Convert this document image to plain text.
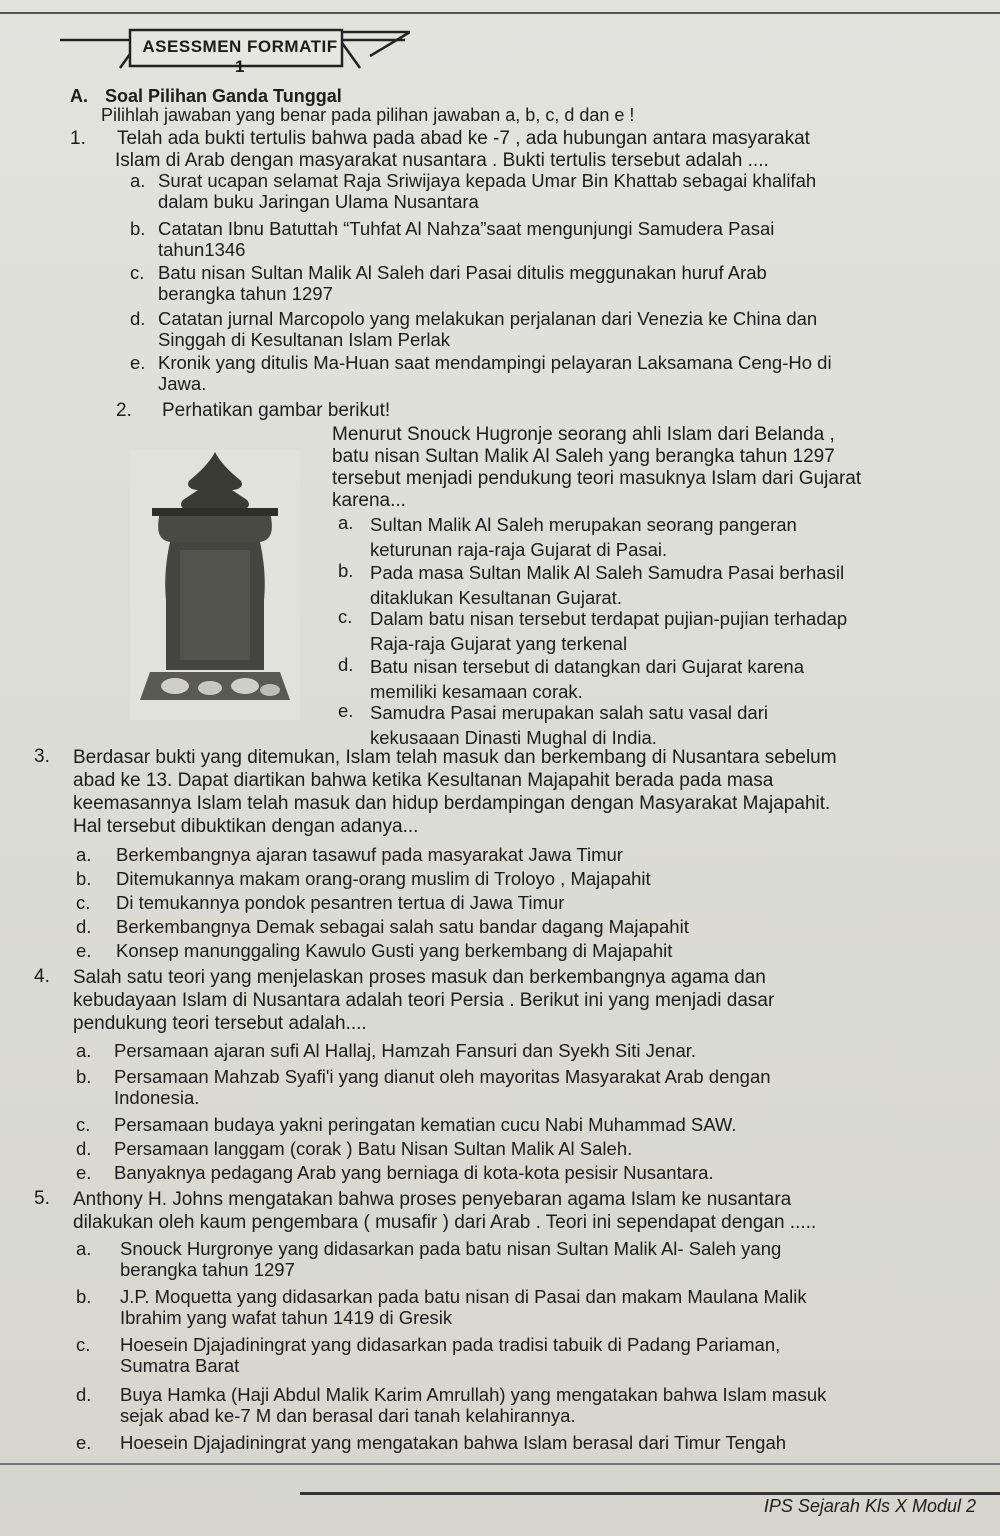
ASESSMEN FORMATIF 1
A. Soal Pilihan Ganda Tunggal
Pilihlah jawaban yang benar pada pilihan jawaban a, b, c, d dan e !
1. Telah ada bukti tertulis bahwa pada abad ke -7 , ada hubungan antara masyarakat
Islam di Arab dengan masyarakat nusantara . Bukti tertulis tersebut adalah ....
a. Surat ucapan selamat Raja Sriwijaya kepada Umar Bin Khattab sebagai khalifah
dalam buku Jaringan Ulama Nusantara
b. Catatan Ibnu Batuttah “Tuhfat Al Nahza”saat mengunjungi Samudera Pasai
tahun1346
c. Batu nisan Sultan Malik Al Saleh dari Pasai ditulis meggunakan huruf Arab
berangka tahun 1297
d. Catatan jurnal Marcopolo yang melakukan perjalanan dari Venezia ke China dan
Singgah di Kesultanan Islam Perlak
e. Kronik yang ditulis Ma-Huan saat mendampingi pelayaran Laksamana Ceng-Ho di
Jawa.
2. Perhatikan gambar berikut!
Menurut Snouck Hugronje seorang ahli Islam dari Belanda ,
batu nisan Sultan Malik Al Saleh yang berangka tahun 1297
tersebut menjadi pendukung teori masuknya Islam dari Gujarat
karena...
a. Sultan Malik Al Saleh merupakan seorang pangeran
keturunan raja-raja Gujarat di Pasai.
b. Pada masa Sultan Malik Al Saleh Samudra Pasai berhasil
ditaklukan Kesultanan Gujarat.
c. Dalam batu nisan tersebut terdapat pujian-pujian terhadap
Raja-raja Gujarat yang terkenal
d. Batu nisan tersebut di datangkan dari Gujarat karena
memiliki kesamaan corak.
e. Samudra Pasai merupakan salah satu vasal dari
kekusaaan Dinasti Mughal di India.
3. Berdasar bukti yang ditemukan, Islam telah masuk dan berkembang di Nusantara sebelum
abad ke 13. Dapat diartikan bahwa ketika Kesultanan Majapahit berada pada masa
keemasannya Islam telah masuk dan hidup berdampingan dengan Masyarakat Majapahit.
Hal tersebut dibuktikan dengan adanya...
a. Berkembangnya ajaran tasawuf pada masyarakat Jawa Timur
b. Ditemukannya makam orang-orang muslim di Troloyo , Majapahit
c. Di temukannya pondok pesantren tertua di Jawa Timur
d. Berkembangnya Demak sebagai salah satu bandar dagang Majapahit
e. Konsep manunggaling Kawulo Gusti yang berkembang di Majapahit
4. Salah satu teori yang menjelaskan proses masuk dan berkembangnya agama dan
kebudayaan Islam di Nusantara adalah teori Persia . Berikut ini yang menjadi dasar
pendukung teori tersebut adalah....
a. Persamaan ajaran sufi Al Hallaj, Hamzah Fansuri dan Syekh Siti Jenar.
b. Persamaan Mahzab Syafi'i yang dianut oleh mayoritas Masyarakat Arab dengan
Indonesia.
c. Persamaan budaya yakni peringatan kematian cucu Nabi Muhammad SAW.
d. Persamaan langgam (corak ) Batu Nisan Sultan Malik Al Saleh.
e. Banyaknya pedagang Arab yang berniaga di kota-kota pesisir Nusantara.
5. Anthony H. Johns mengatakan bahwa proses penyebaran agama Islam ke nusantara
dilakukan oleh kaum pengembara ( musafir ) dari Arab . Teori ini sependapat dengan .....
a. Snouck Hurgronye yang didasarkan pada batu nisan Sultan Malik Al- Saleh yang
berangka tahun 1297
b. J.P. Moquetta yang didasarkan pada batu nisan di Pasai dan makam Maulana Malik
Ibrahim yang wafat tahun 1419 di Gresik
c. Hoesein Djajadiningrat yang didasarkan pada tradisi tabuik di Padang Pariaman,
Sumatra Barat
d. Buya Hamka (Haji Abdul Malik Karim Amrullah) yang mengatakan bahwa Islam masuk
sejak abad ke-7 M dan berasal dari tanah kelahirannya.
e. Hoesein Djajadiningrat yang mengatakan bahwa Islam berasal dari Timur Tengah
IPS Sejarah Kls X Modul 2
